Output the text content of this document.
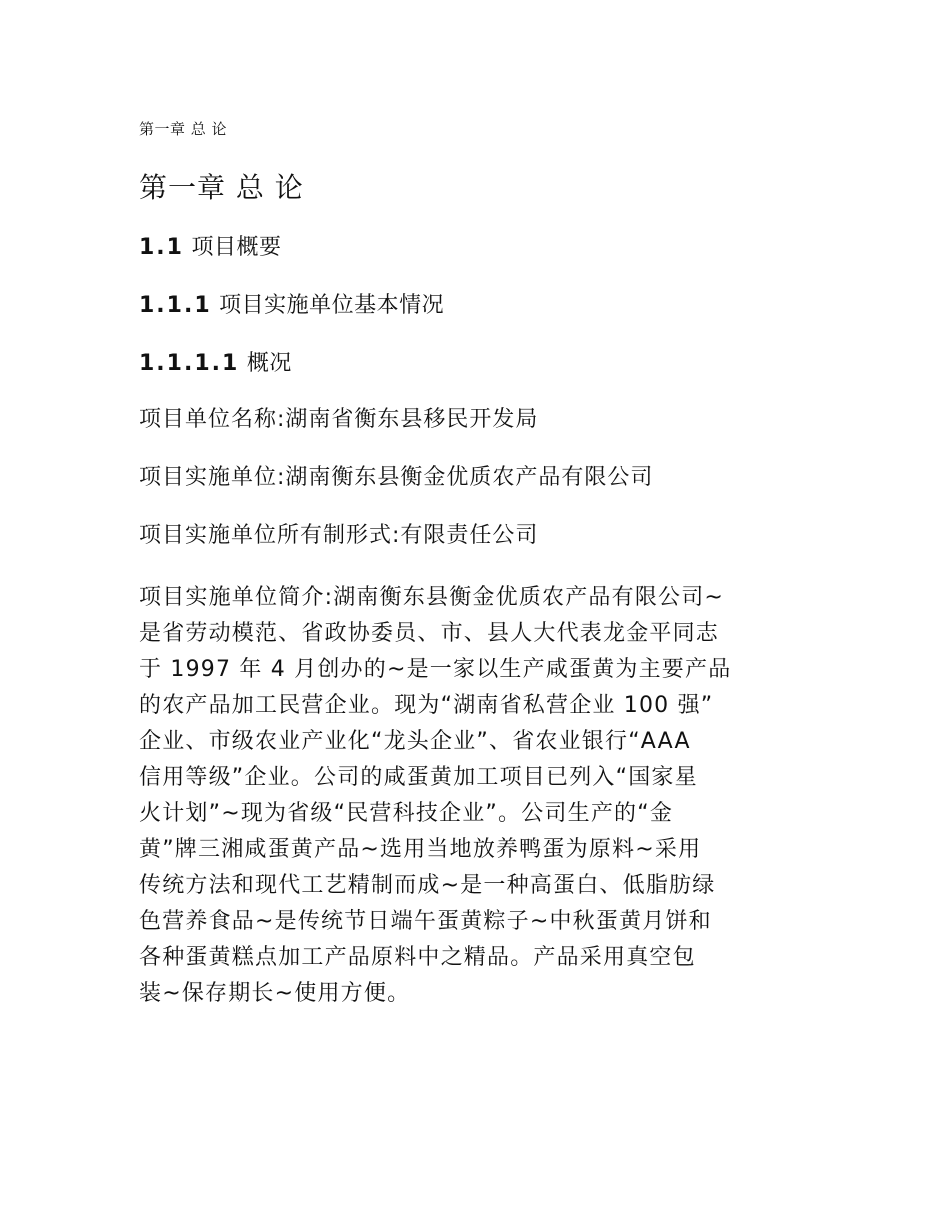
第一章 总 论
第一章 总 论
1.1 项目概要
1.1.1 项目实施单位基本情况
1.1.1.1 概况
项目单位名称:湖南省衡东县移民开发局
项目实施单位:湖南衡东县衡金优质农产品有限公司
项目实施单位所有制形式:有限责任公司
项目实施单位简介:湖南衡东县衡金优质农产品有限公司~
是省劳动模范、省政协委员、市、县人大代表龙金平同志
于 1997 年 4 月创办的~是一家以生产咸蛋黄为主要产品
的农产品加工民营企业。现为“湖南省私营企业 100 强”
企业、市级农业产业化“龙头企业”、省农业银行“AAA
信用等级”企业。公司的咸蛋黄加工项目已列入“国家星
火计划”~现为省级“民营科技企业”。公司生产的“金
黄”牌三湘咸蛋黄产品~选用当地放养鸭蛋为原料~采用
传统方法和现代工艺精制而成~是一种高蛋白、低脂肪绿
色营养食品~是传统节日端午蛋黄粽子~中秋蛋黄月饼和
各种蛋黄糕点加工产品原料中之精品。产品采用真空包
装~保存期长~使用方便。
